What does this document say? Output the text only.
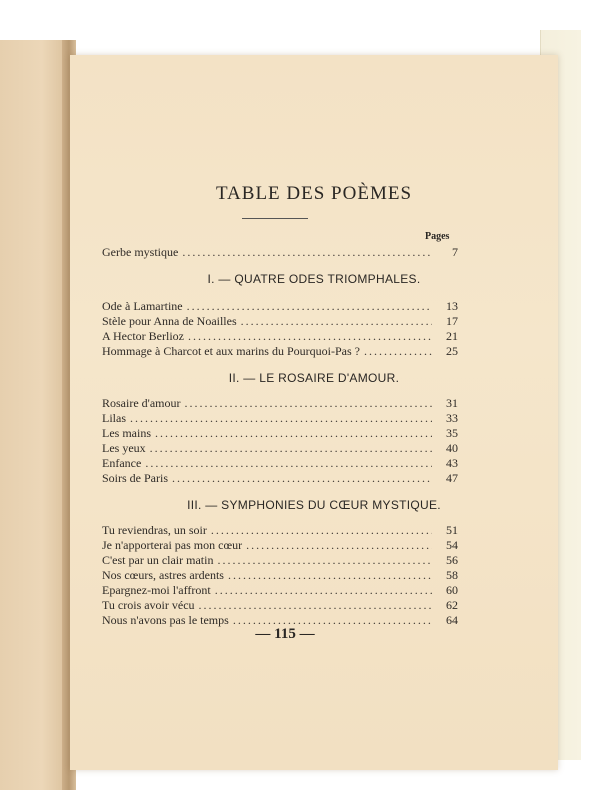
TABLE DES POÈMES
Pages
Gerbe mystique .....	7
I. — QUATRE ODES TRIOMPHALES.
Ode à Lamartine .....	13
Stèle pour Anna de Noailles .....	17
A Hector Berlioz .....	21
Hommage à Charcot et aux marins du Pourquoi-Pas ? .....	25
II. — LE ROSAIRE D'AMOUR.
Rosaire d'amour .....	31
Lilas .....	33
Les mains .....	35
Les yeux .....	40
Enfance .....	43
Soirs de Paris .....	47
III. — SYMPHONIES DU CŒUR MYSTIQUE.
Tu reviendras, un soir .....	51
Je n'apporterai pas mon cœur .....	54
C'est par un clair matin .....	56
Nos cœurs, astres ardents .....	58
Epargnez-moi l'affront .....	60
Tu crois avoir vécu .....	62
Nous n'avons pas le temps .....	64
— 115 —
